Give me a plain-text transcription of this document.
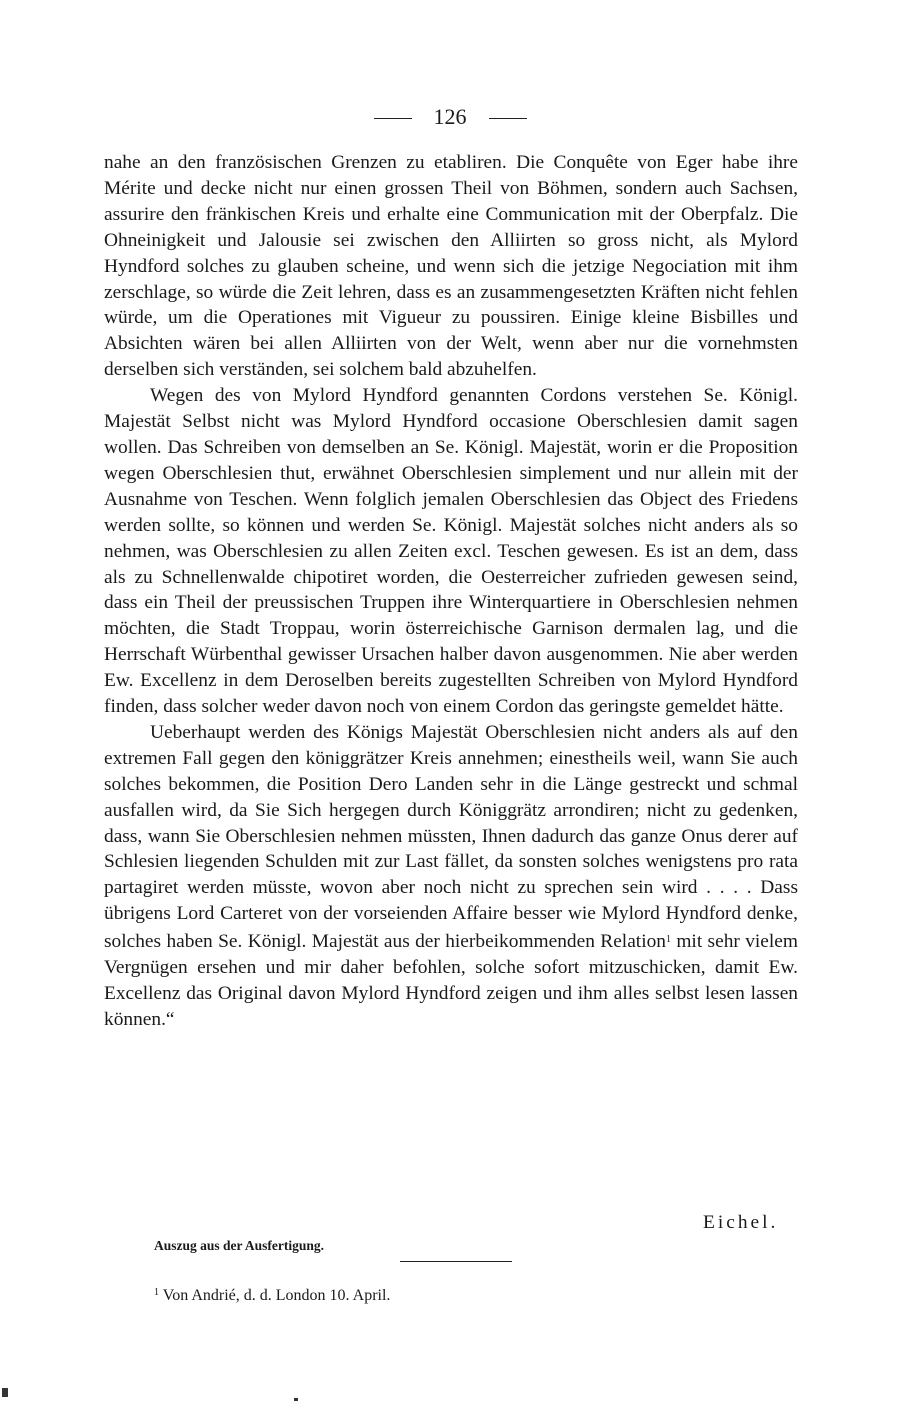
126

nahe an den französischen Grenzen zu etabliren. Die Conquête von Eger habe ihre Mérite und decke nicht nur einen grossen Theil von Böhmen, sondern auch Sachsen, assurire den fränkischen Kreis und erhalte eine Communication mit der Oberpfalz. Die Ohneinigkeit und Jalousie sei zwischen den Alliirten so gross nicht, als Mylord Hyndford solches zu glauben scheine, und wenn sich die jetzige Negociation mit ihm zerschlage, so würde die Zeit lehren, dass es an zusammengesetzten Kräften nicht fehlen würde, um die Operationes mit Vigueur zu poussiren. Einige kleine Bisbilles und Absichten wären bei allen Alliirten von der Welt, wenn aber nur die vornehmsten derselben sich verständen, sei solchem bald abzuhelfen.

Wegen des von Mylord Hyndford genannten Cordons verstehen Se. Königl. Majestät Selbst nicht was Mylord Hyndford occasione Oberschlesien damit sagen wollen. Das Schreiben von demselben an Se. Königl. Majestät, worin er die Proposition wegen Oberschlesien thut, erwähnet Oberschlesien simplement und nur allein mit der Ausnahme von Teschen. Wenn folglich jemalen Oberschlesien das Object des Friedens werden sollte, so können und werden Se. Königl. Majestät solches nicht anders als so nehmen, was Oberschlesien zu allen Zeiten excl. Teschen gewesen. Es ist an dem, dass als zu Schnellenwalde chipotiret worden, die Oesterreicher zufrieden gewesen seind, dass ein Theil der preussischen Truppen ihre Winterquartiere in Oberschlesien nehmen möchten, die Stadt Troppau, worin österreichische Garnison dermalen lag, und die Herrschaft Würbenthal gewisser Ursachen halber davon ausgenommen. Nie aber werden Ew. Excellenz in dem Deroselben bereits zugestellten Schreiben von Mylord Hyndford finden, dass solcher weder davon noch von einem Cordon das geringste gemeldet hätte.

Ueberhaupt werden des Königs Majestät Oberschlesien nicht anders als auf den extremen Fall gegen den königgrätzer Kreis annehmen; einestheils weil, wann Sie auch solches bekommen, die Position Dero Landen sehr in die Länge gestreckt und schmal ausfallen wird, da Sie Sich hergegen durch Königgrätz arrondiren; nicht zu gedenken, dass, wann Sie Oberschlesien nehmen müssten, Ihnen dadurch das ganze Onus derer auf Schlesien liegenden Schulden mit zur Last fället, da sonsten solches wenigstens pro rata partagiret werden müsste, wovon aber noch nicht zu sprechen sein wird . . . . Dass übrigens Lord Carteret von der vorseienden Affaire besser wie Mylord Hyndford denke, solches haben Se. Königl. Majestät aus der hierbeikommenden Relation$^1$ mit sehr vielem Vergnügen ersehen und mir daher befohlen, solche sofort mitzuschicken, damit Ew. Excellenz das Original davon Mylord Hyndford zeigen und ihm alles selbst lesen lassen können.“

Eichel.
Auszug aus der Ausfertigung.
$^1$ Von Andrié, d. d. London 10. April.
